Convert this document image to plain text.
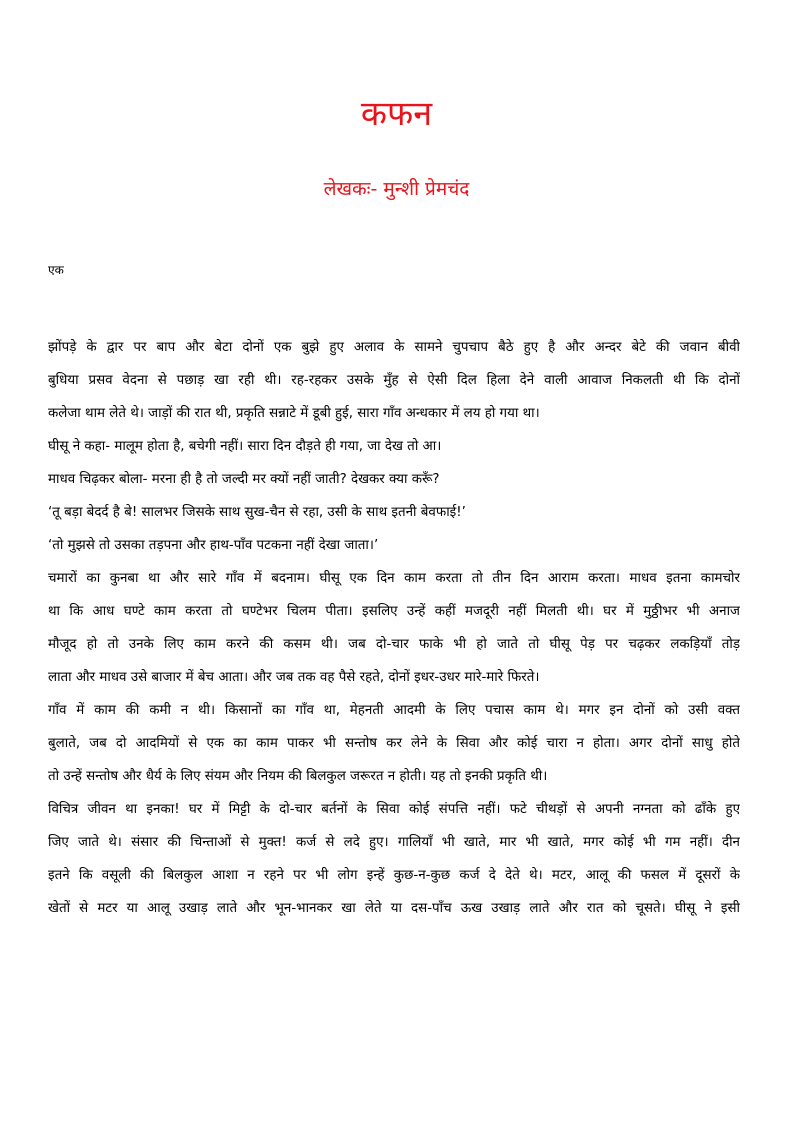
कफन
लेखकः- मुन्शी प्रेमचंद
एक
झोंपड़े के द्वार पर बाप और बेटा दोनों एक बुझे हुए अलाव के सामने चुपचाप बैठे हुए है और अन्दर बेटे की जवान बीवी
बुधिया प्रसव वेदना से पछाड़ खा रही थी। रह-रहकर उसके मुँह से ऐसी दिल हिला देने वाली आवाज निकलती थी कि दोनों
कलेजा थाम लेते थे। जाड़ों की रात थी, प्रकृति सन्नाटे में डूबी हुई, सारा गाँव अन्धकार में लय हो गया था।
घीसू ने कहा- मालूम होता है, बचेगी नहीं। सारा दिन दौड़ते ही गया, जा देख तो आ।
माधव चिढ़कर बोला- मरना ही है तो जल्दी मर क्यों नहीं जाती? देखकर क्या करूँ?
‘तू बड़ा बेदर्द है बे! सालभर जिसके साथ सुख-चैन से रहा, उसी के साथ इतनी बेवफाई!’
‘तो मुझसे तो उसका तड़पना और हाथ-पाँव पटकना नहीं देखा जाता।’
चमारों का कुनबा था और सारे गाँव में बदनाम। घीसू एक दिन काम करता तो तीन दिन आराम करता। माधव इतना कामचोर
था कि आध घण्टे काम करता तो घण्टेभर चिलम पीता। इसलिए उन्हें कहीं मजदूरी नहीं मिलती थी। घर में मुठ्ठीभर भी अनाज
मौजूद हो तो उनके लिए काम करने की कसम थी। जब दो-चार फाके भी हो जाते तो घीसू पेड़ पर चढ़कर लकड़ियाँ तोड़
लाता और माधव उसे बाजार में बेच आता। और जब तक वह पैसे रहते, दोनों इधर-उधर मारे-मारे फिरते।
गाँव में काम की कमी न थी। किसानों का गाँव था, मेहनती आदमी के लिए पचास काम थे। मगर इन दोनों को उसी वक्त
बुलाते, जब दो आदमियों से एक का काम पाकर भी सन्तोष कर लेने के सिवा और कोई चारा न होता। अगर दोनों साधु होते
तो उन्हें सन्तोष और धैर्य के लिए संयम और नियम की बिलकुल जरूरत न होती। यह तो इनकी प्रकृति थी।
विचित्र जीवन था इनका! घर में मिट्टी के दो-चार बर्तनों के सिवा कोई संपत्ति नहीं। फटे चीथड़ों से अपनी नग्नता को ढाँके हुए
जिए जाते थे। संसार की चिन्ताओं से मुक्त! कर्ज से लदे हुए। गालियाँ भी खाते, मार भी खाते, मगर कोई भी गम नहीं। दीन
इतने कि वसूली की बिलकुल आशा न रहने पर भी लोग इन्हें कुछ-न-कुछ कर्ज दे देते थे। मटर, आलू की फसल में दूसरों के
खेतों से मटर या आलू उखाड़ लाते और भून-भानकर खा लेते या दस-पाँच ऊख उखाड़ लाते और रात को चूसते। घीसू ने इसी
